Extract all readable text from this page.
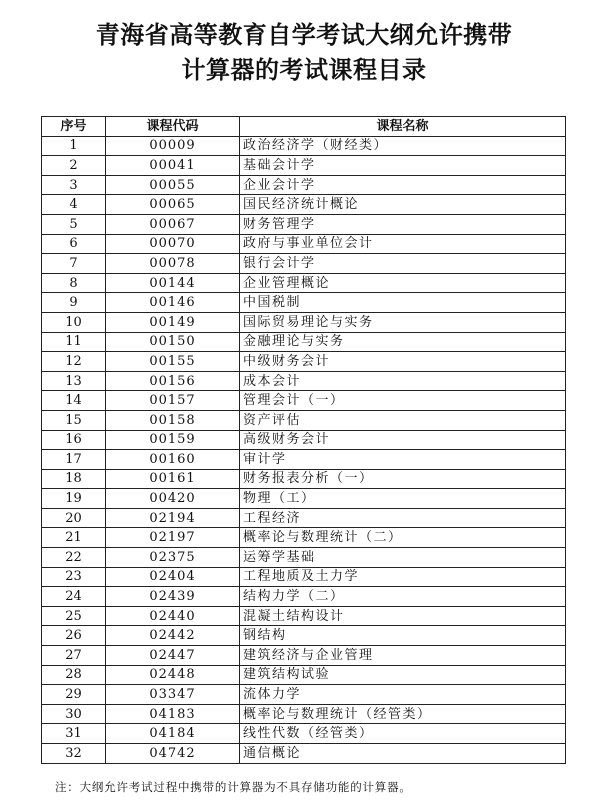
青海省高等教育自学考试大纲允许携带
计算器的考试课程目录
序号	课程代码	课程名称
1	00009	政治经济学（财经类）
2	00041	基础会计学
3	00055	企业会计学
4	00065	国民经济统计概论
5	00067	财务管理学
6	00070	政府与事业单位会计
7	00078	银行会计学
8	00144	企业管理概论
9	00146	中国税制
10	00149	国际贸易理论与实务
11	00150	金融理论与实务
12	00155	中级财务会计
13	00156	成本会计
14	00157	管理会计（一）
15	00158	资产评估
16	00159	高级财务会计
17	00160	审计学
18	00161	财务报表分析（一）
19	00420	物理（工）
20	02194	工程经济
21	02197	概率论与数理统计（二）
22	02375	运筹学基础
23	02404	工程地质及土力学
24	02439	结构力学（二）
25	02440	混凝土结构设计
26	02442	钢结构
27	02447	建筑经济与企业管理
28	02448	建筑结构试验
29	03347	流体力学
30	04183	概率论与数理统计（经管类）
31	04184	线性代数（经管类）
32	04742	通信概论
注：大纲允许考试过程中携带的计算器为不具存储功能的计算器。
